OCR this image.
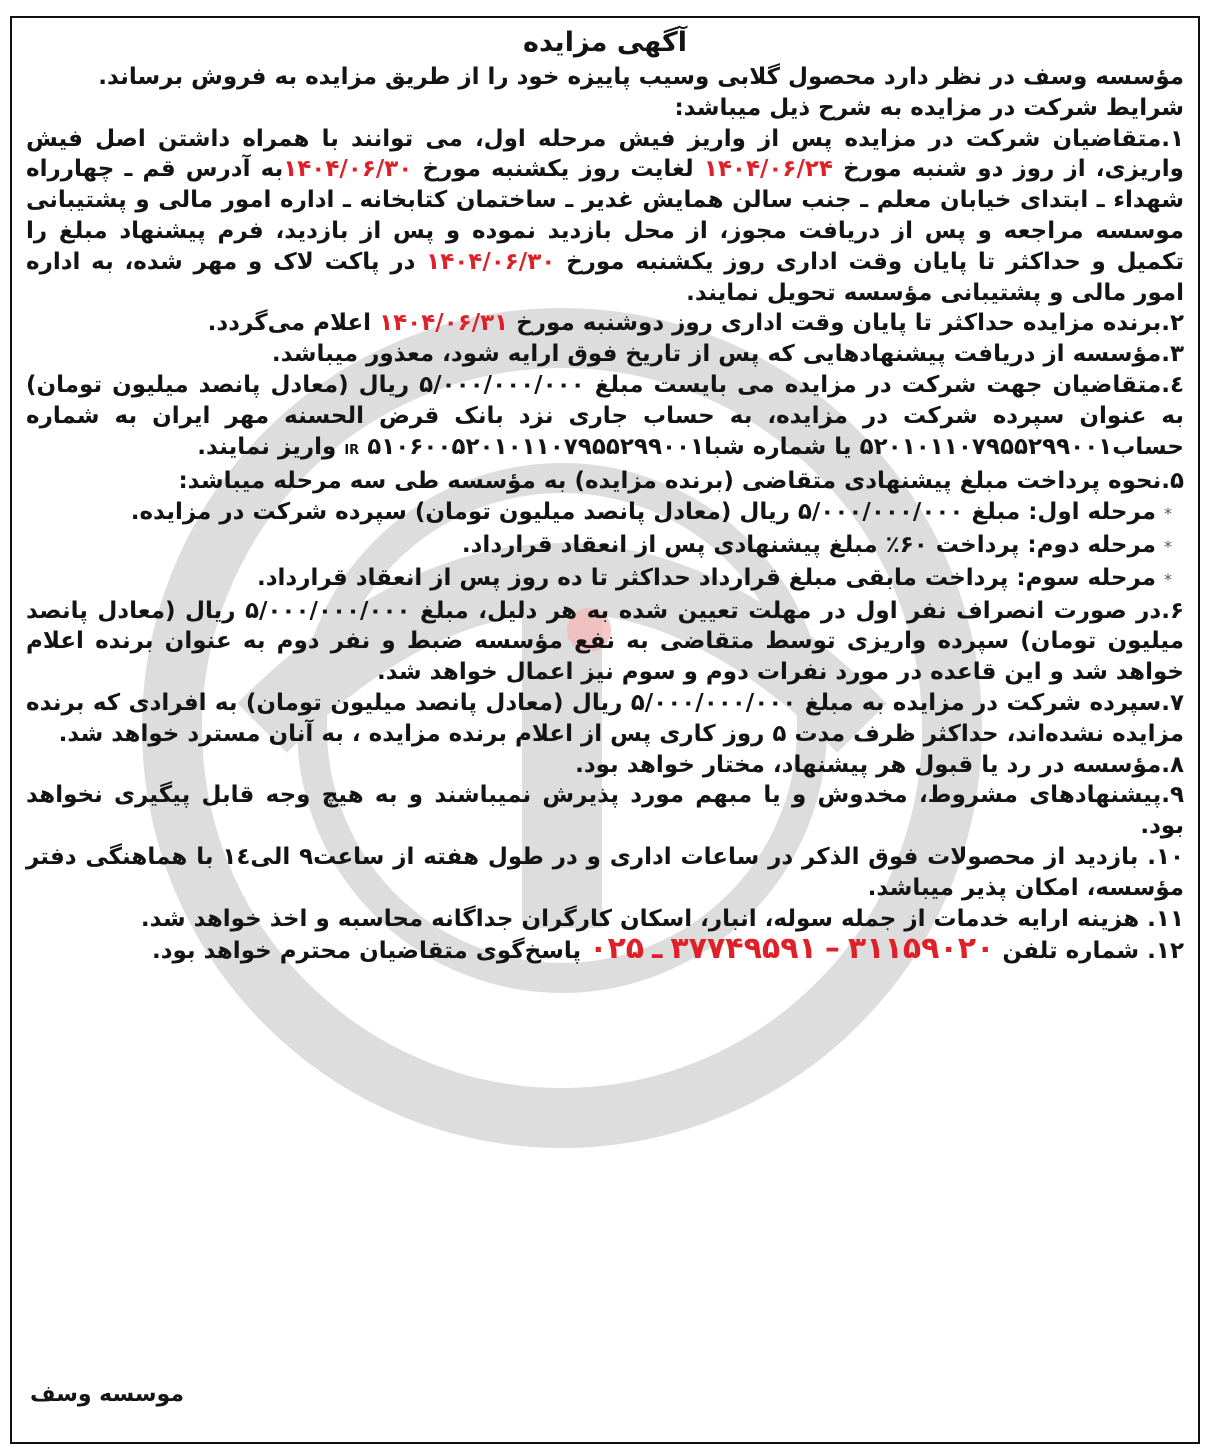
آگهی مزایده

مؤسسه وسف در نظر دارد محصول گلابی وسیب پاییزه خود را از طریق مزایده به فروش برساند.

شرایط شرکت در مزایده به شرح ذیل میباشد:

۱.متقاضیان شرکت در مزایده پس از واریز فیش مرحله اول، می توانند با همراه داشتن اصل فیش واریزی، از روز دو شنبه مورخ ۱۴۰۴/۰۶/۲۴ لغایت روز یکشنبه مورخ ۱۴۰۴/۰۶/۳۰به آدرس قم ـ چهارراه شهداء ـ ابتدای خیابان معلم ـ جنب سالن همایش غدیر ـ ساختمان کتابخانه ـ اداره امور مالی و پشتیبانی موسسه مراجعه و پس از دریافت مجوز، از محل بازدید نموده و پس از بازدید، فرم پیشنهاد مبلغ را تکمیل و حداکثر تا پایان وقت اداری روز یکشنبه مورخ ۱۴۰۴/۰۶/۳۰ در پاکت لاک و مهر شده، به اداره امور مالی و پشتیبانی مؤسسه تحویل نمایند.

۲.برنده مزایده حداکثر تا پایان وقت اداری روز دوشنبه مورخ ۱۴۰۴/۰۶/۳۱ اعلام می‌گردد.

۳.مؤسسه از دریافت پیشنهادهایی که پس از تاریخ فوق ارایه شود، معذور میباشد.

٤.متقاضیان جهت شرکت در مزایده می بایست مبلغ ۵/۰۰۰/۰۰۰/۰۰۰ ریال (معادل پانصد میلیون تومان) به عنوان سپرده شرکت در مزایده، به حساب جاری نزد بانک قرض الحسنه مهر ایران به شماره حساب۵۲۰۱۰۱۱۰۷۹۵۵۲۹۹۰۰۱ یا شماره شبا۵۱۰۶۰۰۵۲۰۱۰۱۱۰۷۹۵۵۲۹۹۰۰۱ IR واریز نمایند.

۵.نحوه پرداخت مبلغ پیشنهادی متقاضی (برنده مزایده) به مؤسسه طی سه مرحله میباشد:

*مرحله اول: مبلغ ۵/۰۰۰/۰۰۰/۰۰۰ ریال (معادل پانصد میلیون تومان) سپرده شرکت در مزایده.

*مرحله دوم: پرداخت ۶۰٪ مبلغ پیشنهادی پس از انعقاد قرارداد.

*مرحله سوم: پرداخت مابقی مبلغ قرارداد حداکثر تا ده روز پس از انعقاد قرارداد.

۶.در صورت انصراف نفر اول در مهلت تعیین شده به هر دلیل، مبلغ ۵/۰۰۰/۰۰۰/۰۰۰ ریال (معادل پانصد میلیون تومان) سپرده واریزی توسط متقاضی به نفع مؤسسه ضبط و نفر دوم به عنوان برنده اعلام خواهد شد و این قاعده در مورد نفرات دوم و سوم نیز اعمال خواهد شد.

۷.سپرده شرکت در مزایده به مبلغ ۵/۰۰۰/۰۰۰/۰۰۰ ریال (معادل پانصد میلیون تومان) به افرادی که برنده مزایده نشده‌اند، حداکثر ظرف مدت ۵ روز کاری پس از اعلام برنده مزایده ، به آنان مسترد خواهد شد.

۸.مؤسسه در رد یا قبول هر پیشنهاد، مختار خواهد بود.

۹.پیشنهادهای مشروط، مخدوش و یا مبهم مورد پذیرش نمیباشند و به هیچ وجه قابل پیگیری نخواهد بود.

۱۰. بازدید از محصولات فوق الذکر در ساعات اداری و در طول هفته از ساعت۹ الی١٤ با هماهنگی دفتر مؤسسه، امکان پذیر میباشد.

۱۱. هزینه ارایه خدمات از جمله سوله، انبار، اسکان کارگران جداگانه محاسبه و اخذ خواهد شد.

۱۲. شماره تلفن ۳۱۱۵۹۰۲۰ – ۳۷۷۴۹۵۹۱ ـ ۰۲۵ پاسخ‌گوی متقاضیان محترم خواهد بود.

موسسه وسف
